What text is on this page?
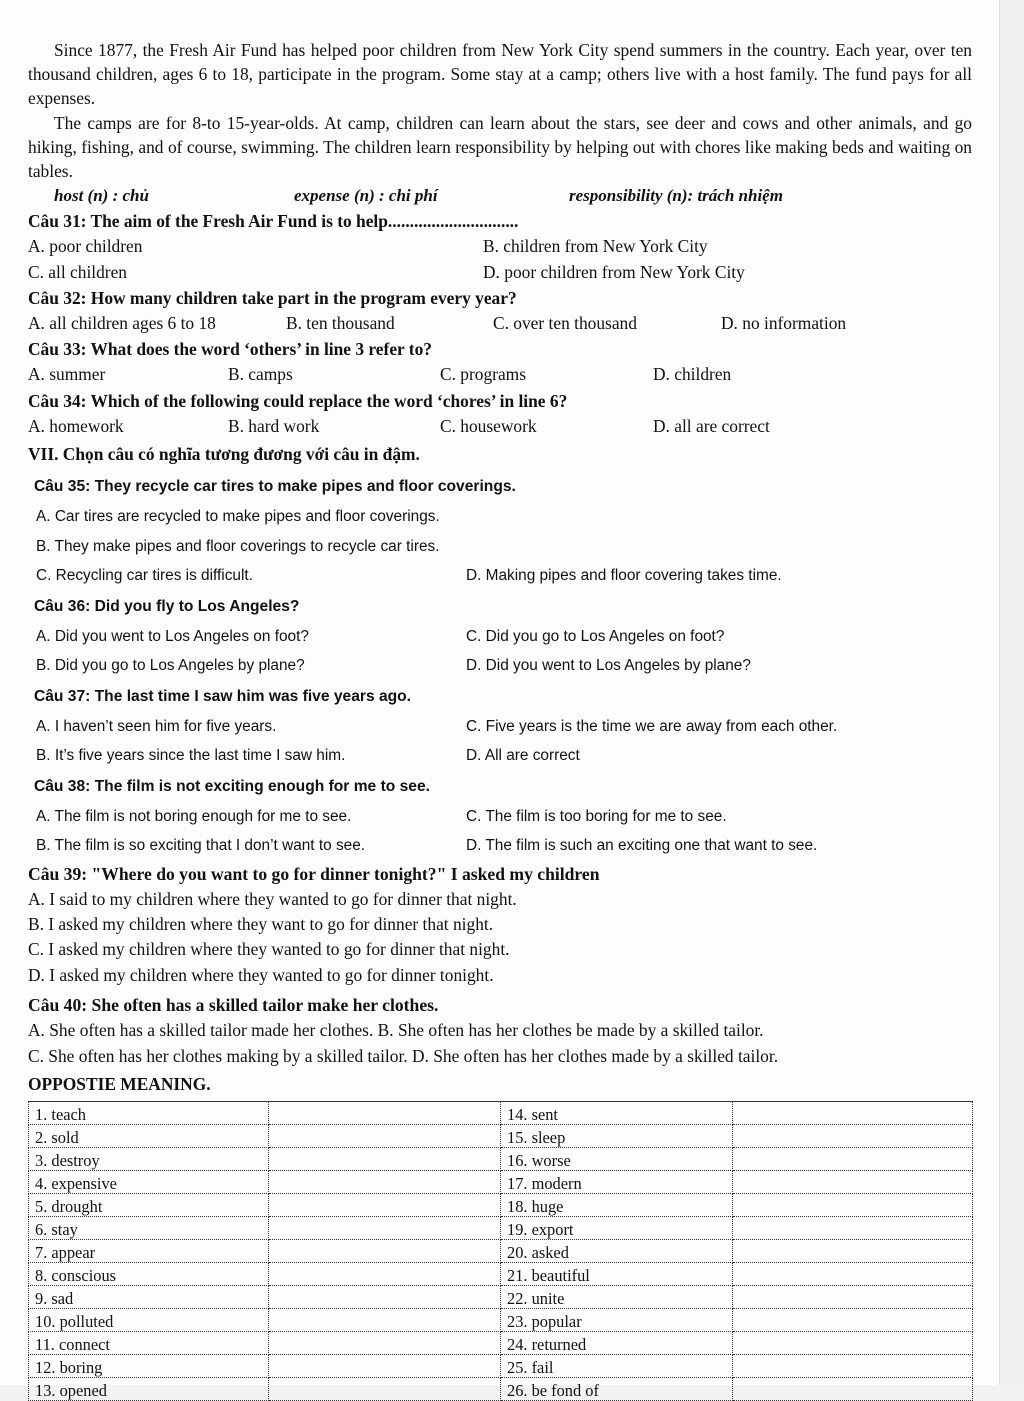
Since 1877, the Fresh Air Fund has helped poor children from New York City spend summers in the country. Each year, over ten thousand children, ages 6 to 18, participate in the program. Some stay at a camp; others live with a host family. The fund pays for all expenses.

The camps are for 8-to 15-year-olds. At camp, children can learn about the stars, see deer and cows and other animals, and go hiking, fishing, and of course, swimming. The children learn responsibility by helping out with chores like making beds and waiting on tables.

host (n) : chủ	expense (n) : chi phí	responsibility (n): trách nhiệm
Câu 31: The aim of the Fresh Air Fund is to help..............................
A. poor children	B. children from New York City
C. all children	D. poor children from New York City
Câu 32: How many children take part in the program every year?
A. all children ages 6 to 18	B. ten thousand	C. over ten thousand	D. no information
Câu 33: What does the word ‘others’ in line 3 refer to?
A. summer	B. camps	C. programs	D. children
Câu 34: Which of the following could replace the word ‘chores’ in line 6?
A. homework	B. hard work	C. housework	D. all are correct
VII. Chọn câu có nghĩa tương đương với câu in đậm.
Câu 35: They recycle car tires to make pipes and floor coverings.
A. Car tires are recycled to make pipes and floor coverings.
B. They make pipes and floor coverings to recycle car tires.
C. Recycling car tires is difficult.	D. Making pipes and floor covering takes time.
Câu 36: Did you fly to Los Angeles?
A. Did you went to Los Angeles on foot?	C. Did you go to Los Angeles on foot?
B. Did you go to Los Angeles by plane?	D. Did you went to Los Angeles by plane?
Câu 37: The last time I saw him was five years ago.
A. I haven’t seen him for five years.	C. Five years is the time we are away from each other.
B. It’s five years since the last time I saw him.	D. All are correct
Câu 38: The film is not exciting enough for me to see.
A. The film is not boring enough for me to see.	C. The film is too boring for me to see.
B. The film is so exciting that I don’t want to see.	D. The film is such an exciting one that want to see.
Câu 39: "Where do you want to go for dinner tonight?" I asked my children
A. I said to my children where they wanted to go for dinner that night.
B. I asked my children where they want to go for dinner that night.
C. I asked my children where they wanted to go for dinner that night.
D. I asked my children where they wanted to go for dinner tonight.
Câu 40: She often has a skilled tailor make her clothes.
A. She often has a skilled tailor made her clothes. B. She often has her clothes be made by a skilled tailor.
C. She often has her clothes making by a skilled tailor. D. She often has her clothes made by a skilled tailor.
OPPOSTIE MEANING.
1. teach		14. sent	
2. sold		15. sleep	
3. destroy		16. worse	
4. expensive		17. modern	
5. drought		18. huge	
6. stay		19. export	
7. appear		20. asked	
8. conscious		21. beautiful	
9. sad		22. unite	
10. polluted		23. popular	
11. connect		24. returned	
12. boring		25. fail	
13. opened		26. be fond of	
